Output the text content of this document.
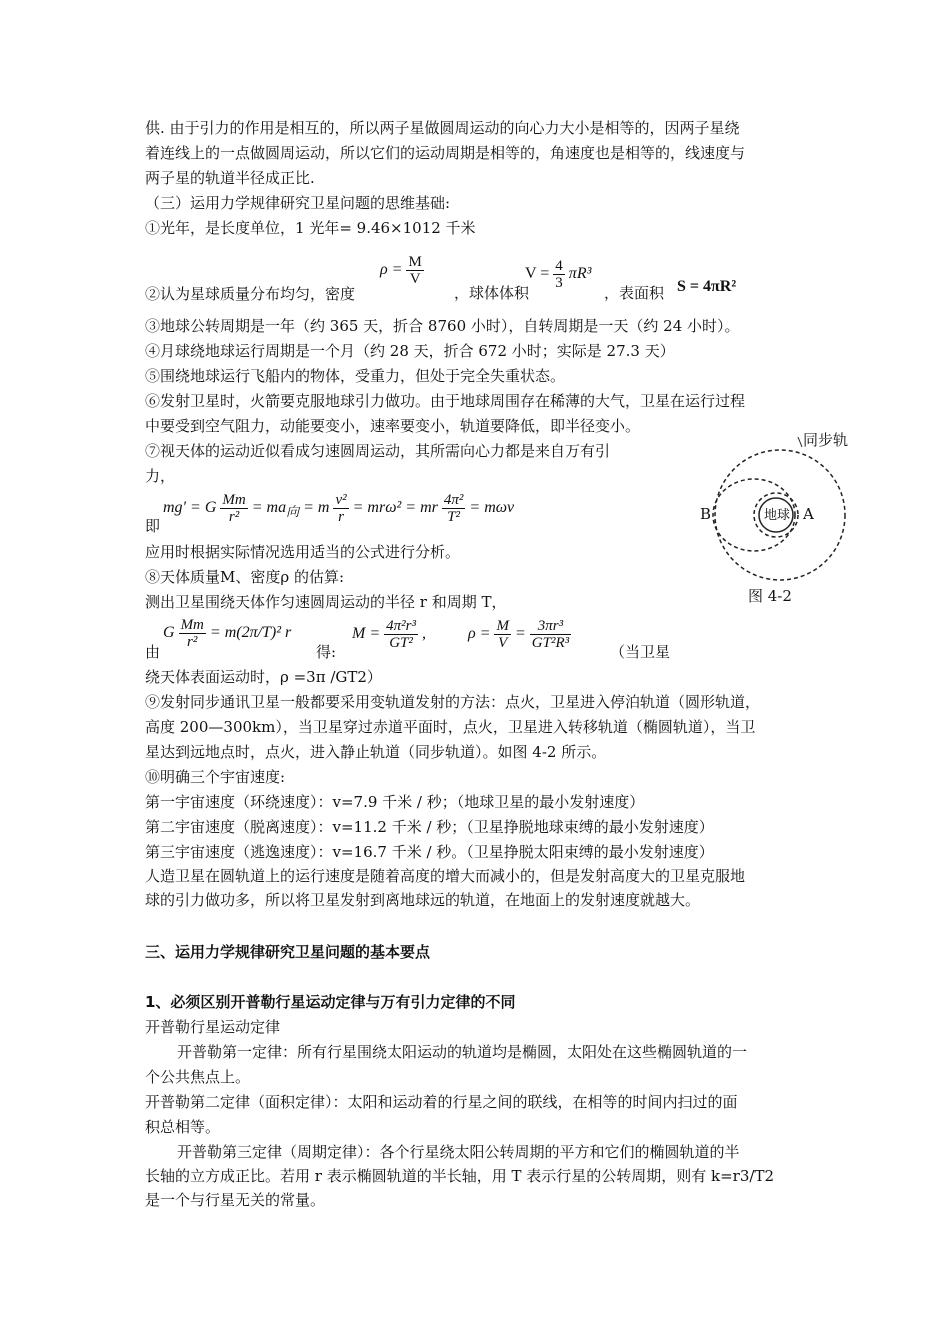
供. 由于引力的作用是相互的，所以两子星做圆周运动的向心力大小是相等的，因两子星绕
着连线上的一点做圆周运动，所以它们的运动周期是相等的，角速度也是相等的，线速度与
两子星的轨道半径成正比.
（三）运用力学规律研究卫星问题的思维基础:
①光年，是长度单位，1 光年= 9.46×1012 千米
②认为星球质量分布均匀，密度
$\rho = \frac{M}{V}$
，球体体积
$V = \frac{4}{3} \pi R^3$
，表面积 S = 4πR²
③地球公转周期是一年（约 365 天，折合 8760 小时），自转周期是一天（约 24 小时）。
④月球绕地球运行周期是一个月（约 28 天，折合 672 小时；实际是 27.3 天）
⑤围绕地球运行飞船内的物体，受重力，但处于完全失重状态。
⑥发射卫星时，火箭要克服地球引力做功。由于地球周围存在稀薄的大气，卫星在运行过程
中要受到空气阻力，动能要变小，速率要变小，轨道要降低，即半径变小。
⑦视天体的运动近似看成匀速圆周运动，其所需向心力都是来自万有引
力，
即
mg′ = G $\frac{Mm}{\text{r²}} = ma_向 = m \frac{\text{v²}}{r} = mr\omega^2$ = mr $\frac{\text{4π²}}{\text{T²}} = m\omega v$
应用时根据实际情况选用适当的公式进行分析。
⑧天体质量M、密度ρ 的估算:
测出卫星围绕天体作匀速圆周运动的半径 r 和周期 T，
由
G $\frac{Mm}{\text{r²}} = m(2\pi/T)^2$ r
得:
$M = \frac{\text{4π²r³}}{\text{GT²}}$ ,	$\rho = \frac{M}{V} = \frac{\text{3πr³}}{\text{GT²R³}}$
（当卫星
绕天体表面运动时，ρ =3π /GT2）
⑨发射同步通讯卫星一般都要采用变轨道发射的方法：点火，卫星进入停泊轨道（圆形轨道，
高度 200—300km），当卫星穿过赤道平面时，点火，卫星进入转移轨道（椭圆轨道），当卫
星达到远地点时，点火，进入静止轨道（同步轨道）。如图 4-2 所示。
⑩明确三个宇宙速度:
第一宇宙速度（环绕速度）：v=7.9 千米 / 秒；（地球卫星的最小发射速度）
第二宇宙速度（脱离速度）：v=11.2 千米 / 秒；（卫星挣脱地球束缚的最小发射速度）
第三宇宙速度（逃逸速度）：v=16.7 千米 / 秒。（卫星挣脱太阳束缚的最小发射速度）
人造卫星在圆轨道上的运行速度是随着高度的增大而减小的，但是发射高度大的卫星克服地
球的引力做功多，所以将卫星发射到离地球远的轨道，在地面上的发射速度就越大。
三、运用力学规律研究卫星问题的基本要点
1、必须区别开普勒行星运动定律与万有引力定律的不同
开普勒行星运动定律
开普勒第一定律：所有行星围绕太阳运动的轨道均是椭圆，太阳处在这些椭圆轨道的一
个公共焦点上。
开普勒第二定律（面积定律）：太阳和运动着的行星之间的联线，在相等的时间内扫过的面
积总相等。
开普勒第三定律（周期定律）：各个行星绕太阳公转周期的平方和它们的椭圆轨道的半
长轴的立方成正比。若用 r 表示椭圆轨道的半长轴，用 T 表示行星的公转周期，则有 k=r3/T2
是一个与行星无关的常量。
同步轨
地球 A
B
图 4-2
